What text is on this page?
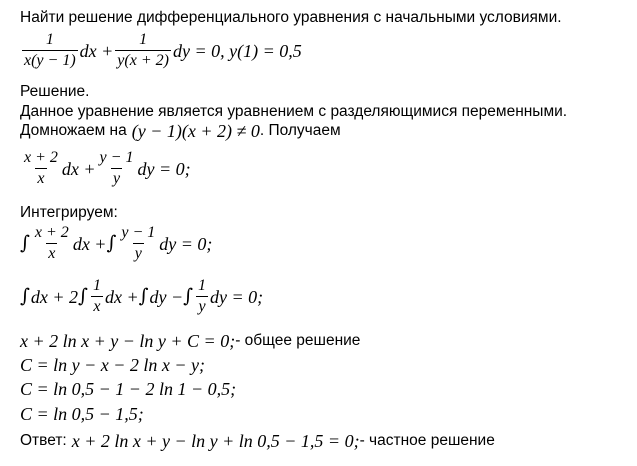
Найти решение дифференциального уравнения с начальными условиями.
$\frac{1}{x(y - 1)}$ dx + $\frac{1}{y(x + 2)}$ dy = 0, y(1) = 0,5
Решение.
Данное уравнение является уравнением с разделяющимися переменными.
Домножаем на (y − 1)(x + 2) ≠ 0 . Получаем
$\frac{x + 2}{x}$ dx + $\frac{y - 1}{y}$ dy = 0;
Интегрируем:
∫ $\frac{x + 2}{x}$ dx + ∫ $\frac{y - 1}{y}$ dy = 0;
∫ dx + 2 ∫ $\frac{1}{x}$ dx + ∫ dy − ∫ $\frac{1}{y}$ dy = 0;
x + 2 ln x + y − ln y + C = 0; - общее решение
C = ln y − x − 2 ln x − y;
C = ln 0,5 − 1 − 2 ln 1 − 0,5;
C = ln 0,5 − 1,5;
Ответ: x + 2 ln x + y − ln y + ln 0,5 − 1,5 = 0; - частное решение
